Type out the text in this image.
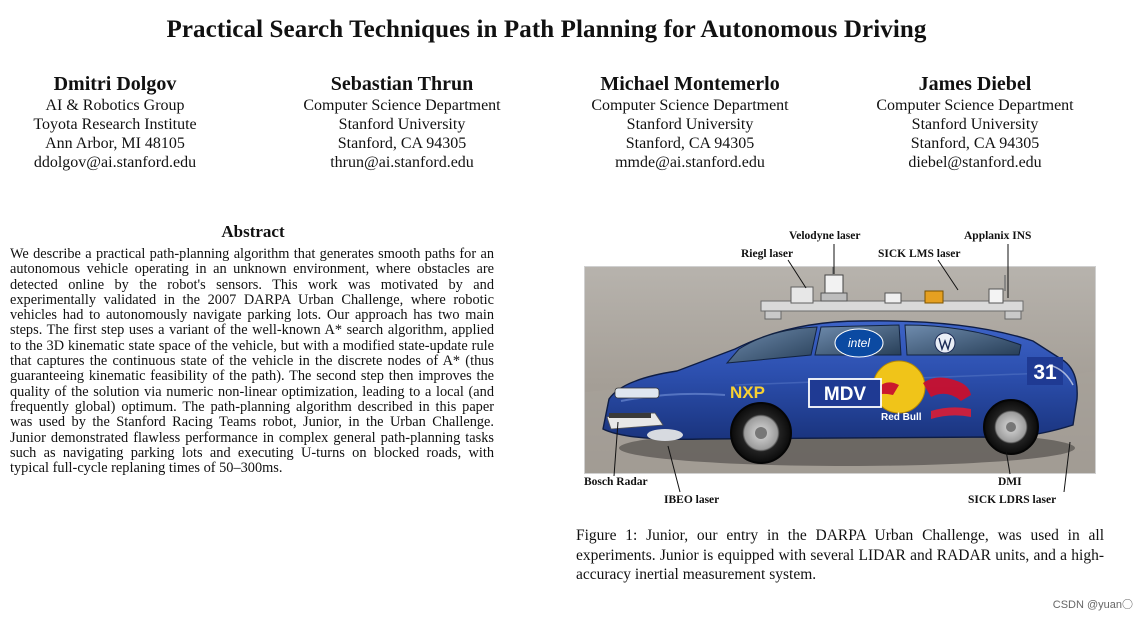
Practical Search Techniques in Path Planning for Autonomous Driving
Dmitri Dolgov
AI & Robotics Group
Toyota Research Institute
Ann Arbor, MI 48105
ddolgov@ai.stanford.edu
Sebastian Thrun
Computer Science Department
Stanford University
Stanford, CA 94305
thrun@ai.stanford.edu
Michael Montemerlo
Computer Science Department
Stanford University
Stanford, CA 94305
mmde@ai.stanford.edu
James Diebel
Computer Science Department
Stanford University
Stanford, CA 94305
diebel@stanford.edu
Abstract
We describe a practical path-planning algorithm that generates smooth paths for an autonomous vehicle operating in an unknown environment, where obstacles are detected online by the robot's sensors. This work was motivated by and experimentally validated in the 2007 DARPA Urban Challenge, where robotic vehicles had to autonomously navigate parking lots. Our approach has two main steps. The first step uses a variant of the well-known A* search algorithm, applied to the 3D kinematic state space of the vehicle, but with a modified state-update rule that captures the continuous state of the vehicle in the discrete nodes of A* (thus guaranteeing kinematic feasibility of the path). The second step then improves the quality of the solution via numeric non-linear optimization, leading to a local (and frequently global) optimum. The path-planning algorithm described in this paper was used by the Stanford Racing Teams robot, Junior, in the Urban Challenge. Junior demonstrated flawless performance in complex general path-planning tasks such as navigating parking lots and executing U-turns on blocked roads, with typical full-cycle replaning times of 50–300ms.
Velodyne laser	Applanix INS
Riegl laser	SICK LMS laser
MDV
intel
NXP
31
Red Bull
Bosch Radar
IBEO laser
DMI
SICK LDRS laser
Figure 1: Junior, our entry in the DARPA Urban Challenge, was used in all experiments. Junior is equipped with several LIDAR and RADAR units, and a high-accuracy inertial measurement system.
CSDN @yuan〇
